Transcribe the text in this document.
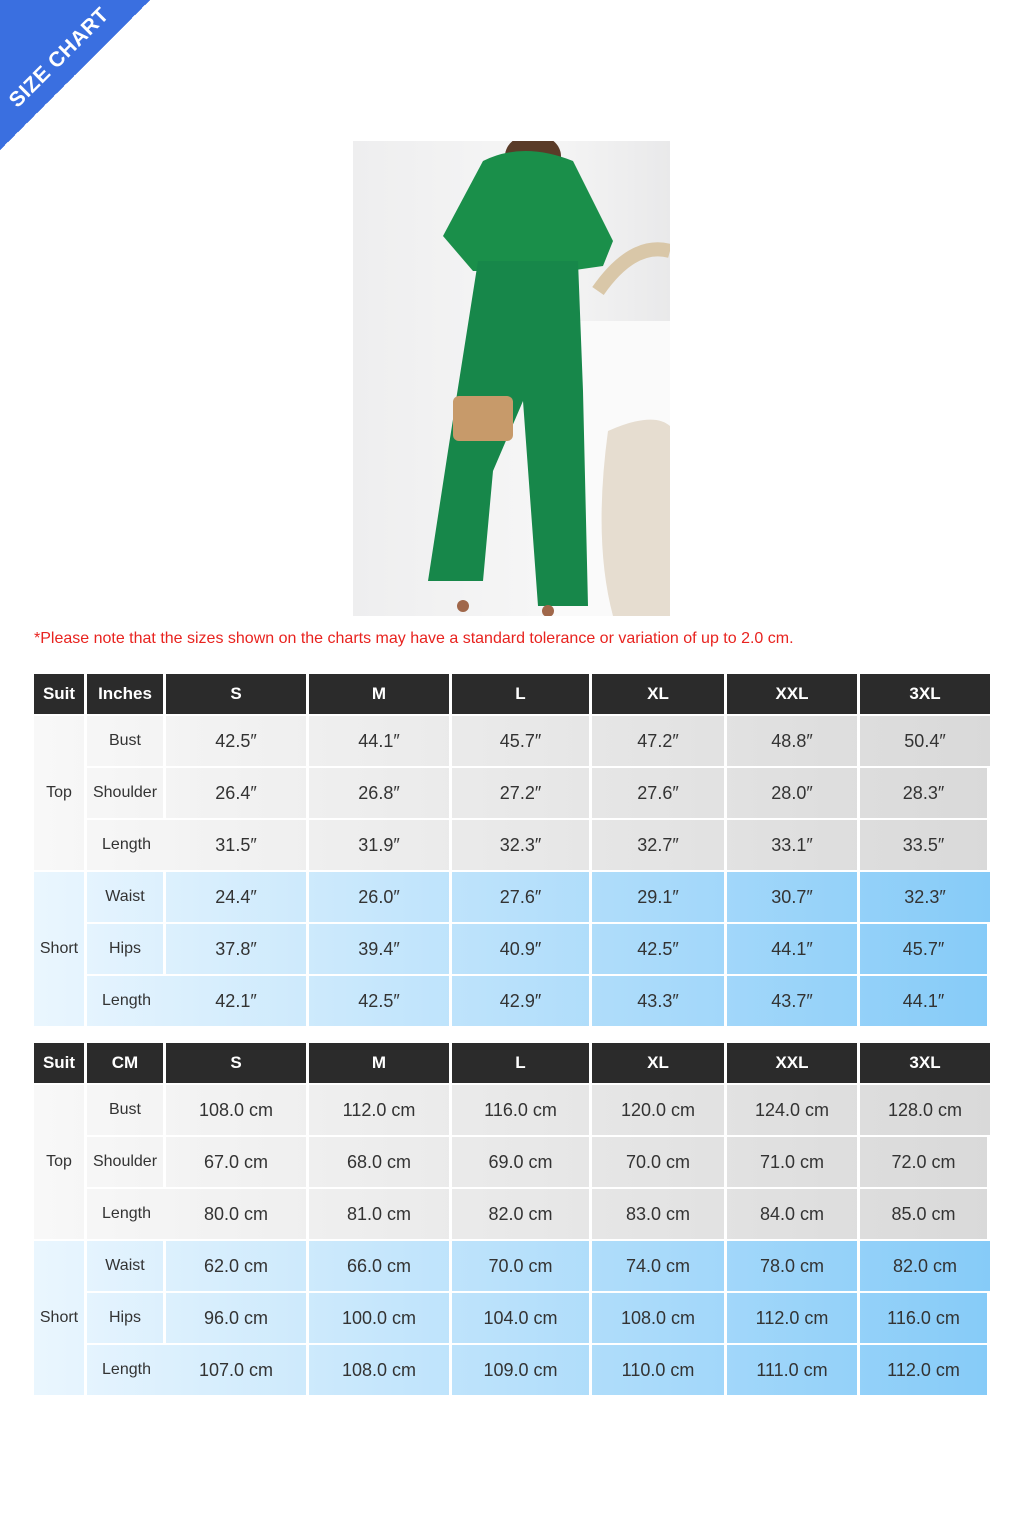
SIZE CHART
*Please note that the sizes shown on the charts may have a standard tolerance or variation of up to 2.0 cm.
Suit	Inches	S	M	L	XL	XXL	3XL
Top
Bust	42.5″	44.1″	45.7″	47.2″	48.8″	50.4″
Shoulder	26.4″	26.8″	27.2″	27.6″	28.0″	28.3″
Length	31.5″	31.9″	32.3″	32.7″	33.1″	33.5″
Short
Waist	24.4″	26.0″	27.6″	29.1″	30.7″	32.3″
Hips	37.8″	39.4″	40.9″	42.5″	44.1″	45.7″
Length	42.1″	42.5″	42.9″	43.3″	43.7″	44.1″
Suit	CM	S	M	L	XL	XXL	3XL
Top
Bust	108.0 cm	112.0 cm	116.0 cm	120.0 cm	124.0 cm	128.0 cm
Shoulder	67.0 cm	68.0 cm	69.0 cm	70.0 cm	71.0 cm	72.0 cm
Length	80.0 cm	81.0 cm	82.0 cm	83.0 cm	84.0 cm	85.0 cm
Short
Waist	62.0 cm	66.0 cm	70.0 cm	74.0 cm	78.0 cm	82.0 cm
Hips	96.0 cm	100.0 cm	104.0 cm	108.0 cm	112.0 cm	116.0 cm
Length	107.0 cm	108.0 cm	109.0 cm	110.0 cm	111.0 cm	112.0 cm
